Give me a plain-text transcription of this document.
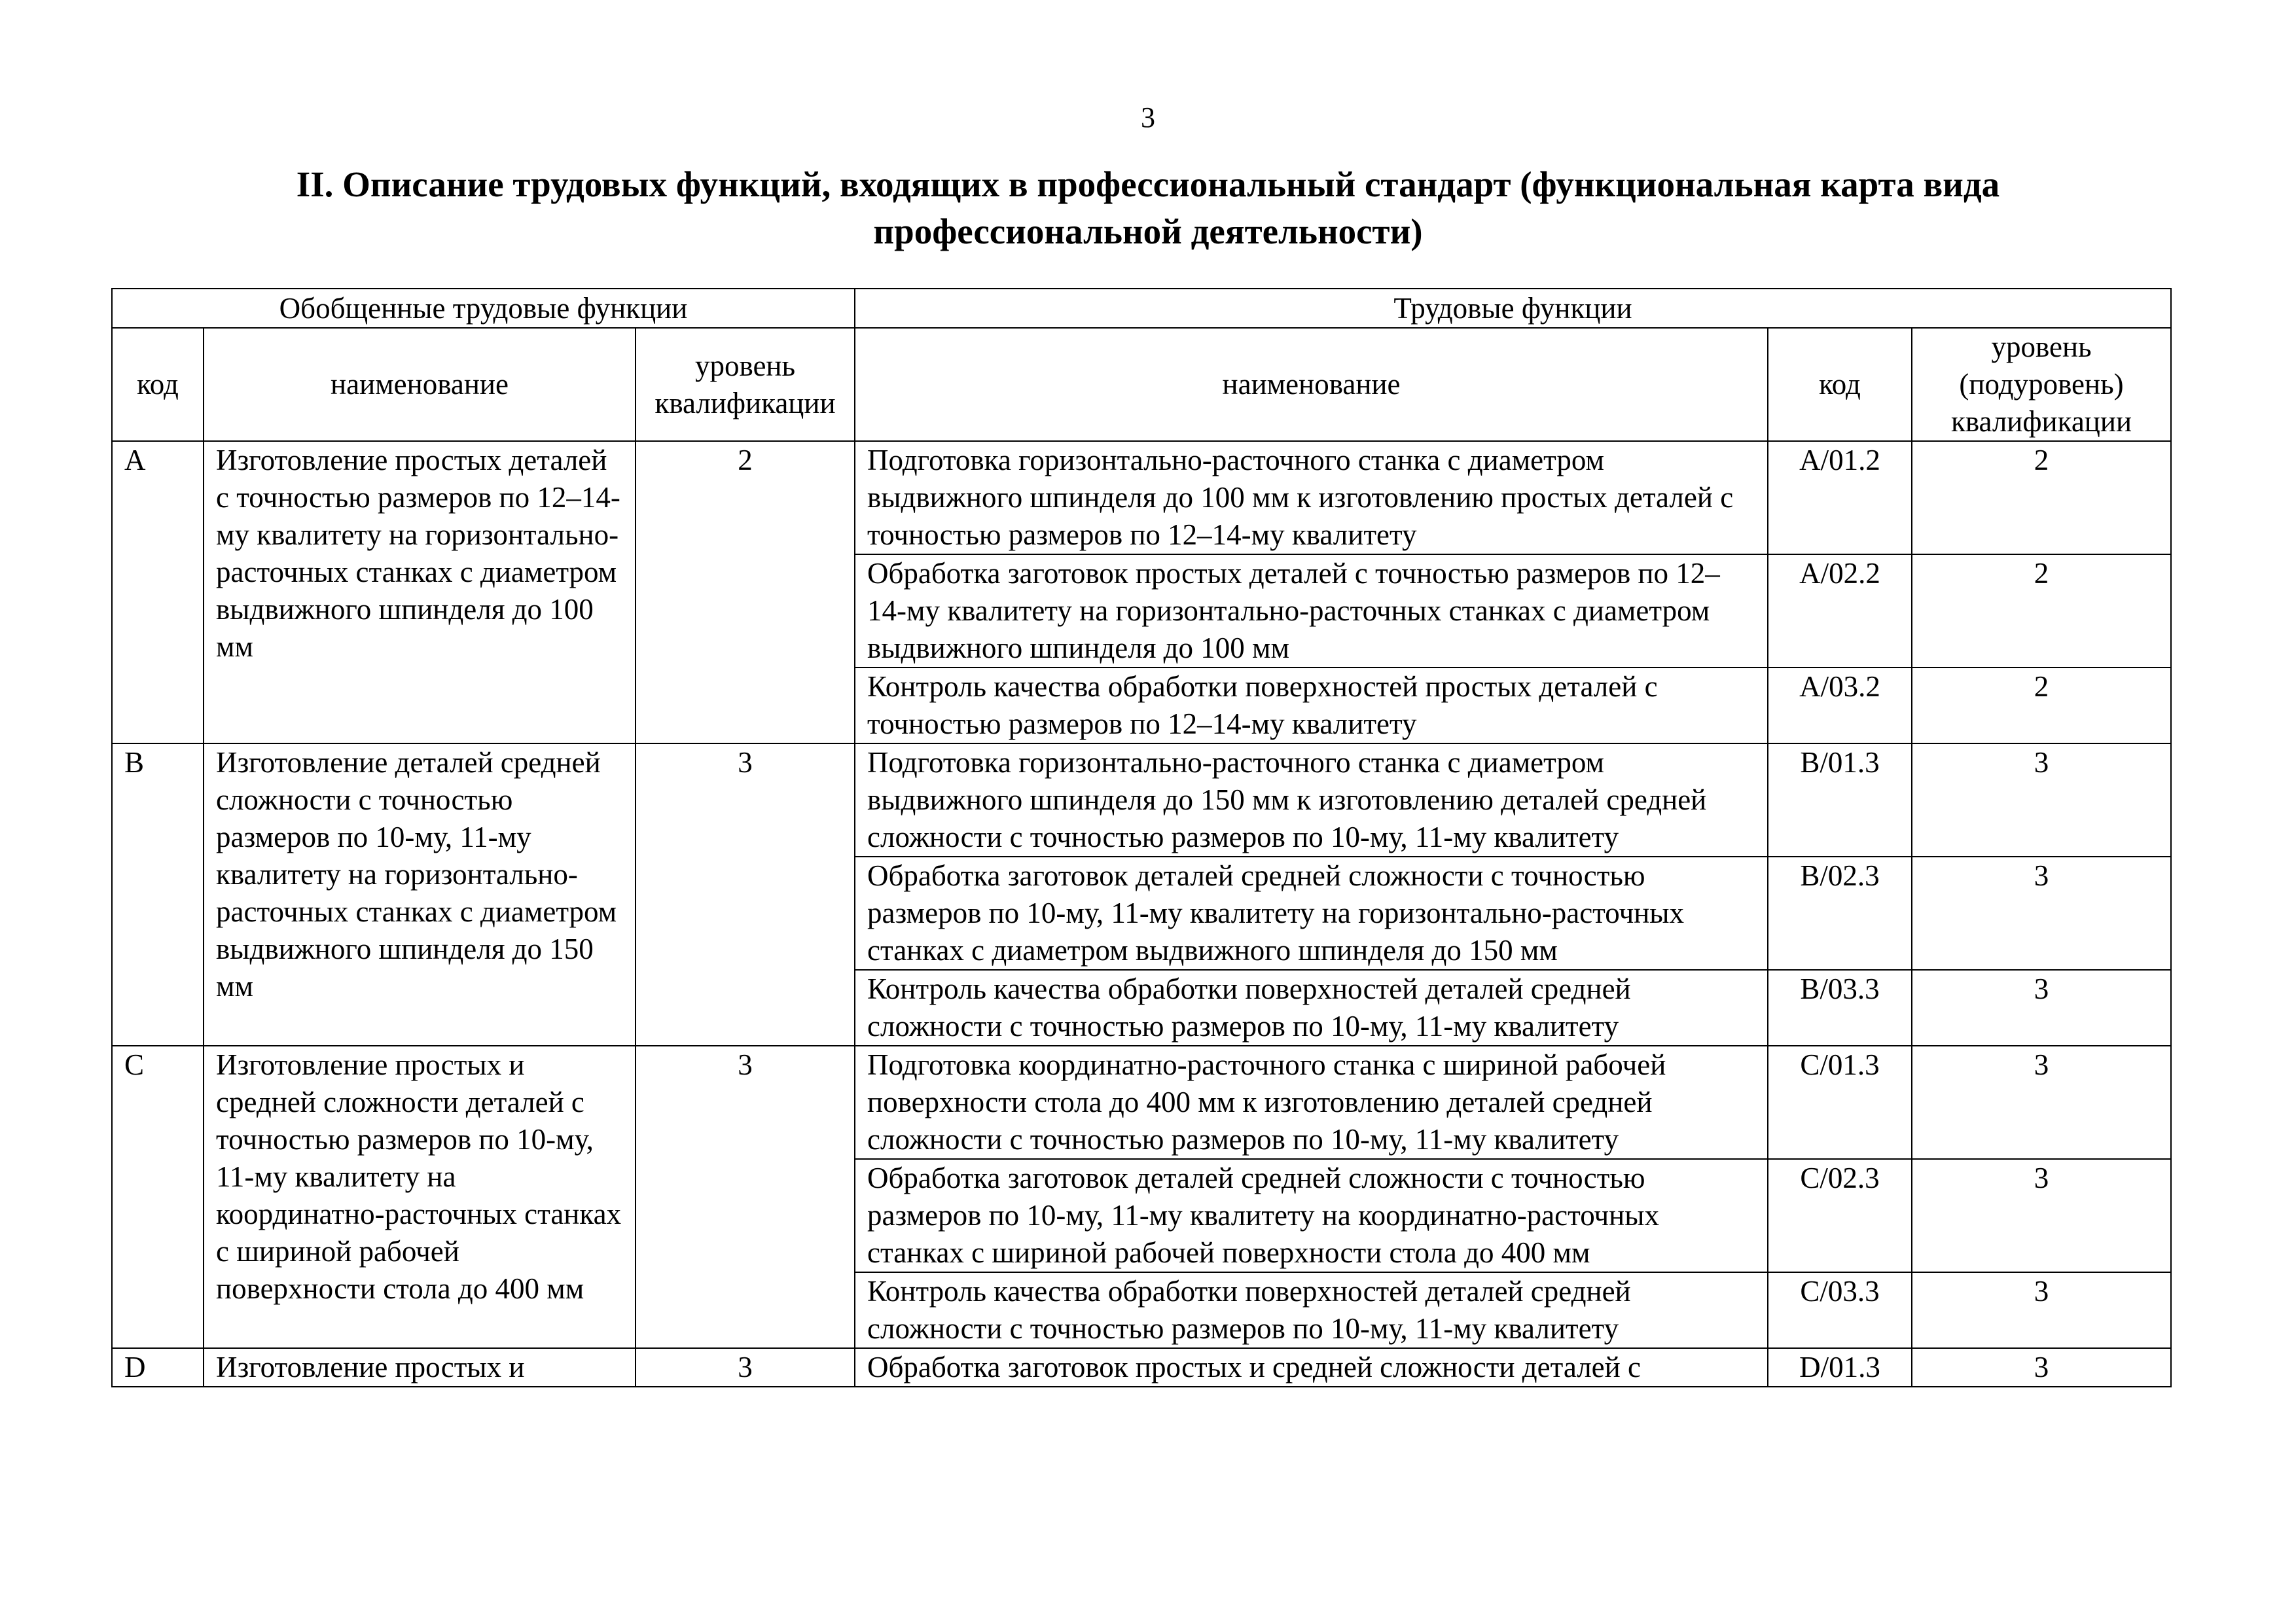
3
II. Описание трудовых функций, входящих в профессиональный стандарт (функциональная карта вида профессиональной деятельности)
Обобщенные трудовые функции			Трудовые функции		
код	наименование	уровень квалификации	наименование	код	уровень (подуровень) квалификации
A	Изготовление простых деталей с точностью размеров по 12–14-му квалитету на горизонтально-расточных станках с диаметром выдвижного шпинделя до 100 мм	2	Подготовка горизонтально-расточного станка с диаметром выдвижного шпинделя до 100 мм к изготовлению простых деталей с точностью размеров по 12–14-му квалитету	A/01.2	2
			Обработка заготовок простых деталей с точностью размеров по 12–14-му квалитету на горизонтально-расточных станках с диаметром выдвижного шпинделя до 100 мм	A/02.2	2
			Контроль качества обработки поверхностей простых деталей с точностью размеров по 12–14-му квалитету	A/03.2	2
B	Изготовление деталей средней сложности с точностью размеров по 10-му, 11-му квалитету на горизонтально-расточных станках с диаметром выдвижного шпинделя до 150 мм	3	Подготовка горизонтально-расточного станка с диаметром выдвижного шпинделя до 150 мм к изготовлению деталей средней сложности с точностью размеров по 10-му, 11-му квалитету	B/01.3	3
			Обработка заготовок деталей средней сложности с точностью размеров по 10-му, 11-му квалитету на горизонтально-расточных станках с диаметром выдвижного шпинделя до 150 мм	B/02.3	3
			Контроль качества обработки поверхностей деталей средней сложности с точностью размеров по 10-му, 11-му квалитету	B/03.3	3
C	Изготовление простых и средней сложности деталей с точностью размеров по 10-му, 11-му квалитету на координатно-расточных станках с шириной рабочей поверхности стола до 400 мм	3	Подготовка координатно-расточного станка с шириной рабочей поверхности стола до 400 мм к изготовлению деталей средней сложности с точностью размеров по 10-му, 11-му квалитету	C/01.3	3
			Обработка заготовок деталей средней сложности с точностью размеров по 10-му, 11-му квалитету на координатно-расточных станках с шириной рабочей поверхности стола до 400 мм	C/02.3	3
			Контроль качества обработки поверхностей деталей средней сложности с точностью размеров по 10-му, 11-му квалитету	C/03.3	3
D	Изготовление простых и	3	Обработка заготовок простых и средней сложности деталей с	D/01.3	3
